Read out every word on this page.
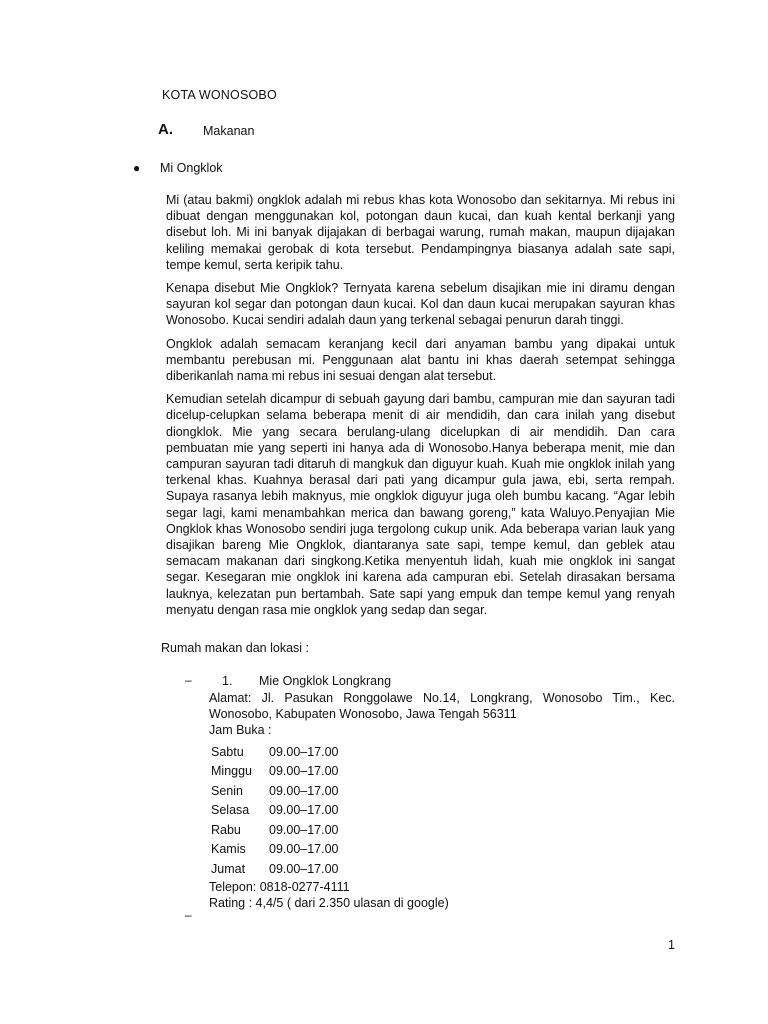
KOTA WONOSOBO
A. Makanan
● Mi Ongklok

Mi (atau bakmi) ongklok adalah mi rebus khas kota Wonosobo dan sekitarnya. Mi rebus ini dibuat dengan menggunakan kol, potongan daun kucai, dan kuah kental berkanji yang disebut loh. Mi ini banyak dijajakan di berbagai warung, rumah makan, maupun dijajakan keliling memakai gerobak di kota tersebut. Pendampingnya biasanya adalah sate sapi, tempe kemul, serta keripik tahu.

Kenapa disebut Mie Ongklok? Ternyata karena sebelum disajikan mie ini diramu dengan sayuran kol segar dan potongan daun kucai. Kol dan daun kucai merupakan sayuran khas Wonosobo. Kucai sendiri adalah daun yang terkenal sebagai penurun darah tinggi.

Ongklok adalah semacam keranjang kecil dari anyaman bambu yang dipakai untuk membantu perebusan mi. Penggunaan alat bantu ini khas daerah setempat sehingga diberikanlah nama mi rebus ini sesuai dengan alat tersebut.

Kemudian setelah dicampur di sebuah gayung dari bambu, campuran mie dan sayuran tadi dicelup-celupkan selama beberapa menit di air mendidih, dan cara inilah yang disebut diongklok. Mie yang secara berulang-ulang dicelupkan di air mendidih. Dan cara pembuatan mie yang seperti ini hanya ada di Wonosobo.Hanya beberapa menit, mie dan campuran sayuran tadi ditaruh di mangkuk dan diguyur kuah. Kuah mie ongklok inilah yang terkenal khas. Kuahnya berasal dari pati yang dicampur gula jawa, ebi, serta rempah. Supaya rasanya lebih maknyus, mie ongklok diguyur juga oleh bumbu kacang. “Agar lebih segar lagi, kami menambahkan merica dan bawang goreng,” kata Waluyo.Penyajian Mie Ongklok khas Wonosobo sendiri juga tergolong cukup unik. Ada beberapa varian lauk yang disajikan bareng Mie Ongklok, diantaranya sate sapi, tempe kemul, dan geblek atau semacam makanan dari singkong.Ketika menyentuh lidah, kuah mie ongklok ini sangat segar. Kesegaran mie ongklok ini karena ada campuran ebi. Setelah dirasakan bersama lauknya, kelezatan pun bertambah. Sate sapi yang empuk dan tempe kemul yang renyah menyatu dengan rasa mie ongklok yang sedap dan segar.

Rumah makan dan lokasi :
–	1. Mie Ongklok Longkrang
Alamat: Jl. Pasukan Ronggolawe No.14, Longkrang, Wonosobo Tim., Kec. Wonosobo, Kabupaten Wonosobo, Jawa Tengah 56311
Jam Buka :
Sabtu	09.00–17.00
Minggu	09.00–17.00
Senin	09.00–17.00
Selasa	09.00–17.00
Rabu	09.00–17.00
Kamis	09.00–17.00
Jumat	09.00–17.00
Telepon: 0818-0277-4111
Rating : 4,4/5 ( dari 2.350 ulasan di google)
–
1
